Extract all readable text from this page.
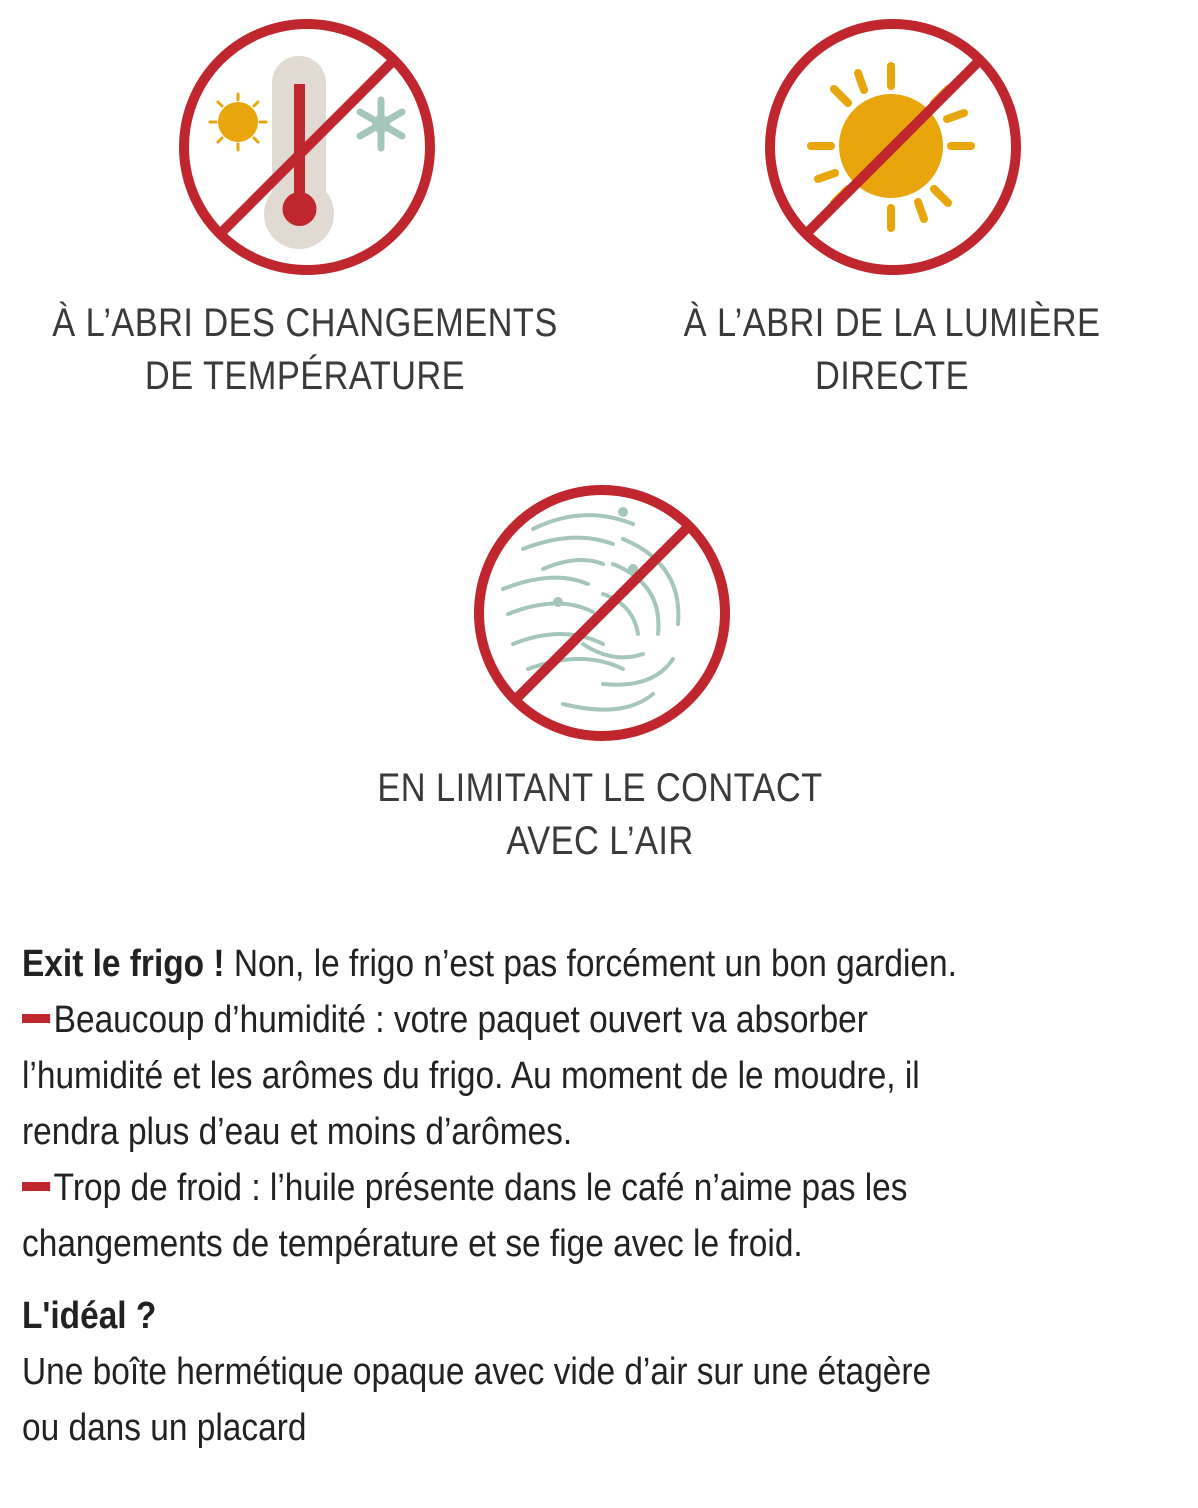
À L’ABRI DES CHANGEMENTS
DE TEMPÉRATURE
À L’ABRI DE LA LUMIÈRE
DIRECTE
EN LIMITANT LE CONTACT
AVEC L’AIR
Exit le frigo ! Non, le frigo n’est pas forcément un bon gardien.
Beaucoup d’humidité : votre paquet ouvert va absorber
l’humidité et les arômes du frigo. Au moment de le moudre, il
rendra plus d’eau et moins d’arômes.
Trop de froid : l’huile présente dans le café n’aime pas les
changements de température et se fige avec le froid.
L'idéal ?
Une boîte hermétique opaque avec vide d’air sur une étagère
ou dans un placard
